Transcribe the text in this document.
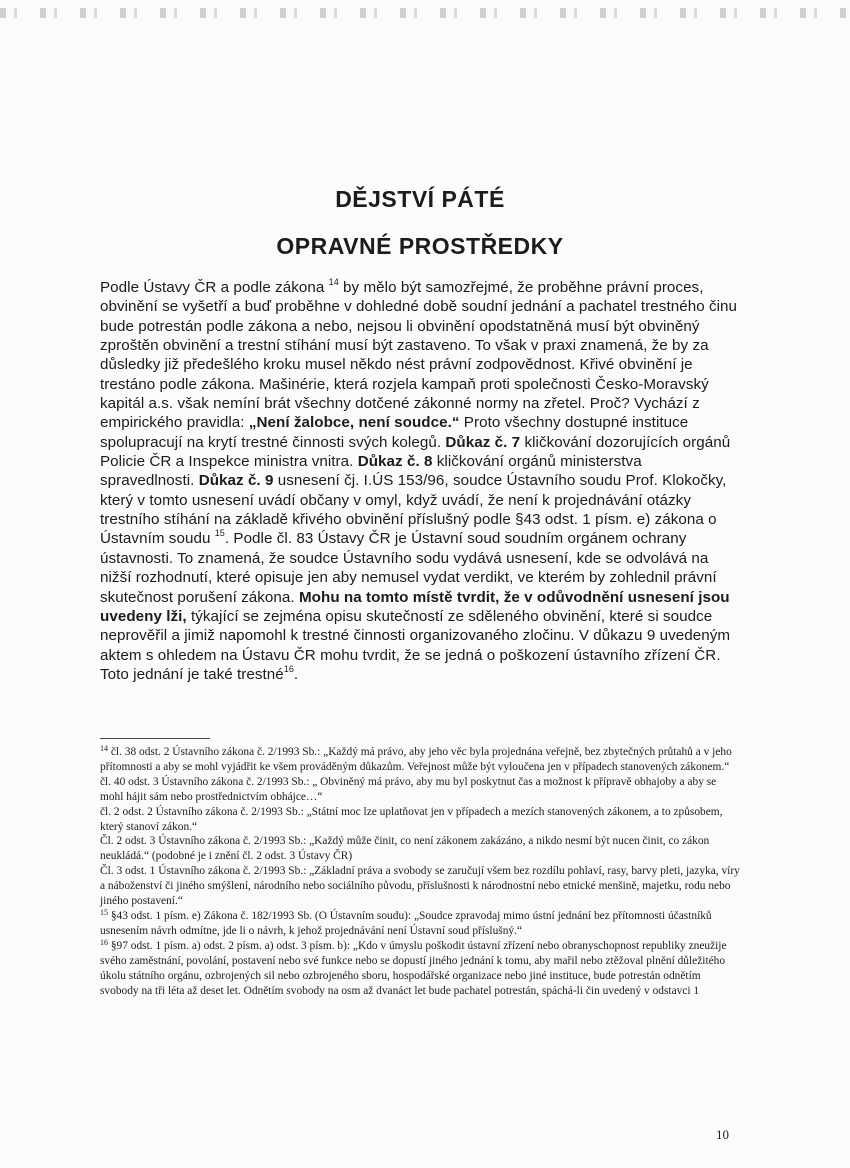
DĚJSTVÍ PÁTÉ
OPRAVNÉ PROSTŘEDKY

Podle Ústavy ČR a podle zákona $^{14}$ by mělo být samozřejmé, že proběhne právní proces, obvinění se vyšetří a buď proběhne v dohledné době soudní jednání a pachatel trestného činu bude potrestán podle zákona a nebo, nejsou li obvinění opodstatněná musí být obviněný zproštěn obvinění a trestní stíhání musí být zastaveno. To však v praxi znamená, že by za důsledky již předešlého kroku musel někdo nést právní zodpovědnost. Křivé obvinění je trestáno podle zákona. Mašinérie, která rozjela kampaň proti společnosti Česko-Moravský kapitál a.s. však nemíní brát všechny dotčené zákonné normy na zřetel. Proč? Vychází z empirického pravidla: „Není žalobce, není soudce.“ Proto všechny dostupné instituce spolupracují na krytí trestné činnosti svých kolegů. Důkaz č. 7 kličkování dozorujících orgánů Policie ČR a Inspekce ministra vnitra. Důkaz č. 8 kličkování orgánů ministerstva spravedlnosti. Důkaz č. 9 usnesení čj. I.ÚS 153/96, soudce Ústavního soudu Prof. Klokočky, který v tomto usnesení uvádí občany v omyl, když uvádí, že není k projednávání otázky trestního stíhání na základě křivého obvinění příslušný podle §43 odst. 1 písm. e) zákona o Ústavním soudu $^{15}$. Podle čl. 83 Ústavy ČR je Ústavní soud soudním orgánem ochrany ústavnosti. To znamená, že soudce Ústavního sodu vydává usnesení, kde se odvolává na nižší rozhodnutí, které opisuje jen aby nemusel vydat verdikt, ve kterém by zohlednil právní skutečnost porušení zákona. Mohu na tomto místě tvrdit, že v odůvodnění usnesení jsou uvedeny lži, týkající se zejména opisu skutečností ze sděleného obvinění, které si soudce neprověřil a jimiž napomohl k trestné činnosti organizovaného zločinu. V důkazu 9 uvedeným aktem s ohledem na Ústavu ČR mohu tvrdit, že se jedná o poškození ústavního zřízení ČR. Toto jednání je také trestné$^{16}$.

$^{14}$ čl. 38 odst. 2 Ústavního zákona č. 2/1993 Sb.: „Každý má právo, aby jeho věc byla projednána veřejně, bez zbytečných průtahů a v jeho přítomnosti a aby se mohl vyjádřit ke všem prováděným důkazům. Veřejnost může být vyloučena jen v případech stanovených zákonem.“

čl. 40 odst. 3 Ústavního zákona č. 2/1993 Sb.: „ Obviněný má právo, aby mu byl poskytnut čas a možnost k přípravě obhajoby a aby se mohl hájit sám nebo prostřednictvím obhájce…“

čl. 2 odst. 2 Ústavního zákona č. 2/1993 Sb.: „Státní moc lze uplatňovat jen v případech a mezích stanovených zákonem, a to způsobem, který stanoví zákon.“

Čl. 2 odst. 3 Ústavního zákona č. 2/1993 Sb.: „Každý může činit, co není zákonem zakázáno, a nikdo nesmí být nucen činit, co zákon neukládá.“ (podobné je i znění čl. 2 odst. 3 Ústavy ČR)

Čl. 3 odst. 1 Ústavního zákona č. 2/1993 Sb.: „Základní práva a svobody se zaručují všem bez rozdílu pohlaví, rasy, barvy pleti, jazyka, víry a náboženství či jiného smýšlení, národního nebo sociálního původu, příslušnosti k národnostní nebo etnické menšině, majetku, rodu nebo jiného postavení.“

$^{15}$ §43 odst. 1 písm. e) Zákona č. 182/1993 Sb. (O Ústavním soudu): „Soudce zpravodaj mimo ústní jednání bez přítomnosti účastníků usnesením návrh odmítne, jde li o návrh, k jehož projednávání není Ústavní soud příslušný.“

$^{16}$ §97 odst. 1 písm. a) odst. 2 písm. a) odst. 3 písm. b): „Kdo v úmyslu poškodit ústavní zřízení nebo obranyschopnost republiky zneužije svého zaměstnání, povolání, postavení nebo své funkce nebo se dopustí jiného jednání k tomu, aby mařil nebo ztěžoval plnění důležitého úkolu státního orgánu, ozbrojených sil nebo ozbrojeného sboru, hospodářské organizace nebo jiné instituce, bude potrestán odnětím svobody na tři léta až deset let. Odnětím svobody na osm až dvanáct let bude pachatel potrestán, spáchá-li čin uvedený v odstavci 1

10
